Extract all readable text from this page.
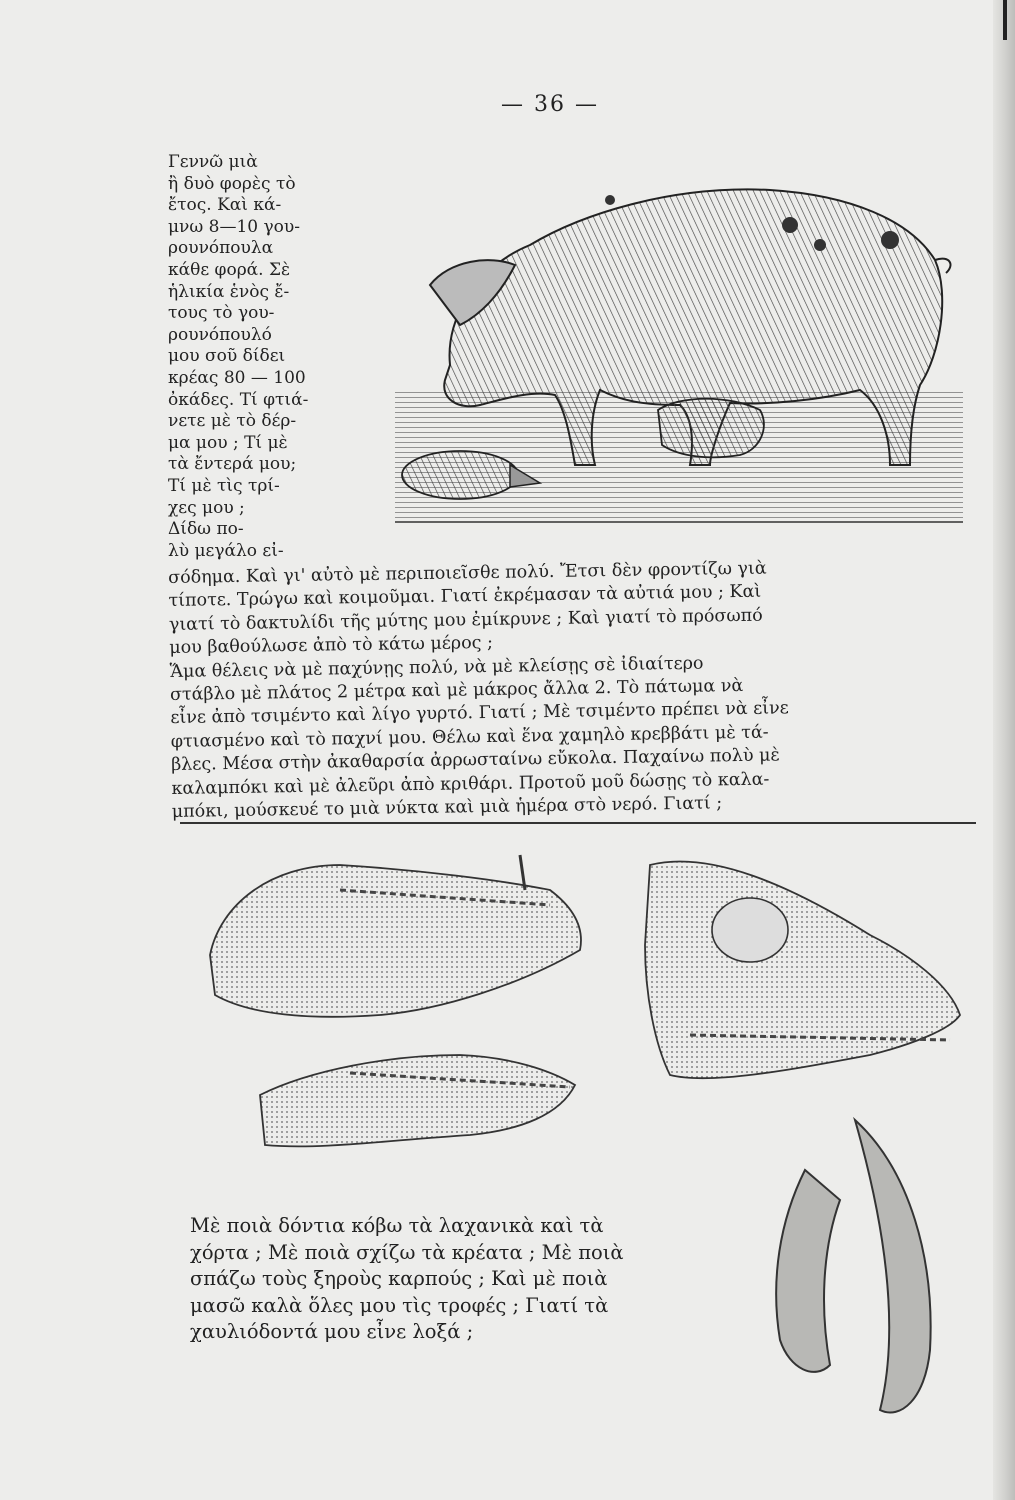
— 36 —
Γεννῶ μιὰ
ἢ δυὸ φορὲς τὸ
ἔτος. Καὶ κά-
μνω 8—10 γου-
ρουνόπουλα
κάθε φορά. Σὲ
ἡλικία ἑνὸς ἔ-
τους τὸ γου-
ρουνόπουλό
μου σοῦ δίδει
κρέας 80 — 100
ὀκάδες. Τί φτιά-
νετε μὲ τὸ δέρ-
μα μου ; Τί μὲ
τὰ ἔντερά μου;
Τί μὲ τὶς τρί-
χες μου ;
Δίδω πο-
λὺ μεγάλο εἰ-
σόδημα. Καὶ γι' αὐτὸ μὲ περιποιεῖσθε πολύ. Ἔτσι δὲν φροντίζω γιὰ
τίποτε. Τρώγω καὶ κοιμοῦμαι. Γιατί ἐκρέμασαν τὰ αὐτιά μου ; Καὶ
γιατί τὸ δακτυλίδι τῆς μύτης μου ἐμίκρυνε ; Καὶ γιατί τὸ πρόσωπό
μου βαθούλωσε ἀπὸ τὸ κάτω μέρος ;
Ἅμα θέλεις νὰ μὲ παχύνῃς πολύ, νὰ μὲ κλείσῃς σὲ ἰδιαίτερο
στάβλο μὲ πλάτος 2 μέτρα καὶ μὲ μάκρος ἄλλα 2. Τὸ πάτωμα νὰ
εἶνε ἀπὸ τσιμέντο καὶ λίγο γυρτό. Γιατί ; Μὲ τσιμέντο πρέπει νὰ εἶνε
φτιασμένο καὶ τὸ παχνί μου. Θέλω καὶ ἕνα χαμηλὸ κρεββάτι μὲ τά-
βλες. Μέσα στὴν ἀκαθαρσία ἀρρωσταίνω εὔκολα. Παχαίνω πολὺ μὲ
καλαμπόκι καὶ μὲ ἀλεῦρι ἀπὸ κριθάρι. Προτοῦ μοῦ δώσῃς τὸ καλα-
μπόκι, μούσκευέ το μιὰ νύκτα καὶ μιὰ ἡμέρα στὸ νερό. Γιατί ;
Μὲ ποιὰ δόντια κόβω τὰ λαχανικὰ καὶ τὰ
χόρτα ; Μὲ ποιὰ σχίζω τὰ κρέατα ; Μὲ ποιὰ
σπάζω τοὺς ξηροὺς καρπούς ; Καὶ μὲ ποιὰ
μασῶ καλὰ ὅλες μου τὶς τροφές ; Γιατί τὰ
χαυλιόδοντά μου εἶνε λοξά ;
